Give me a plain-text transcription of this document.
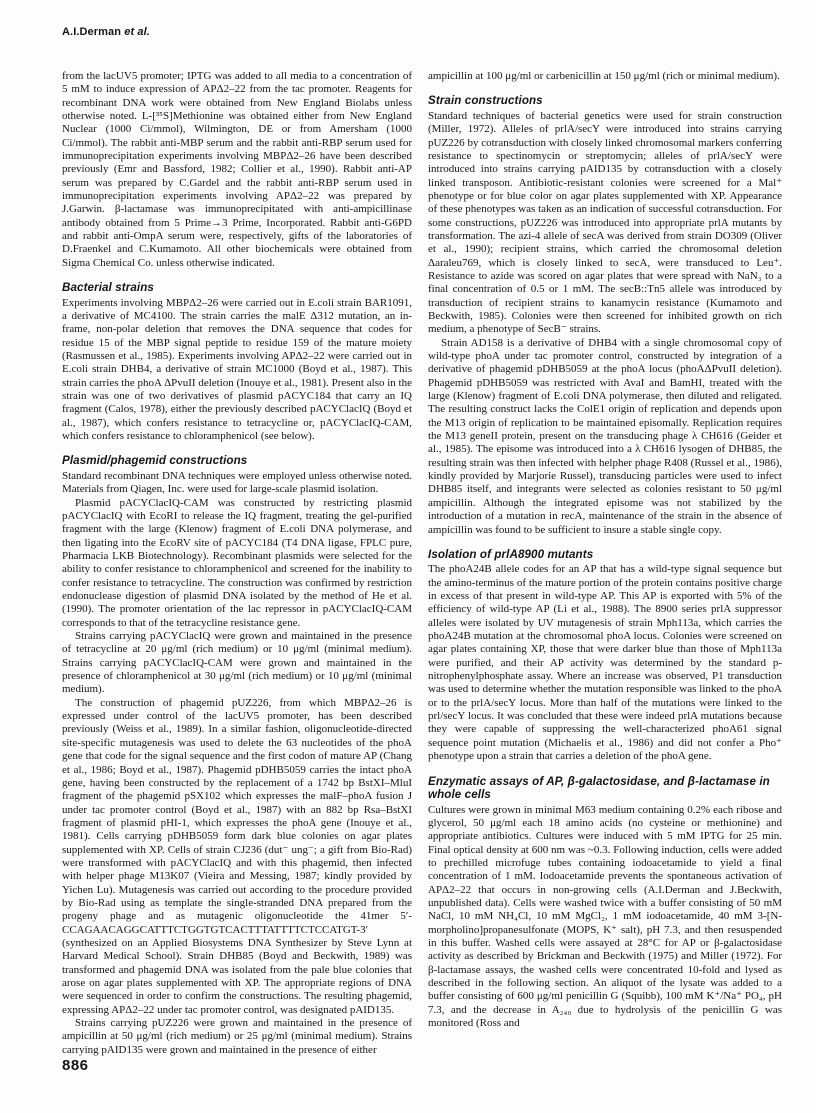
A.I.Derman et al.

from the lacUV5 promoter; IPTG was added to all media to a concentration of 5 mM to induce expression of APΔ2–22 from the tac promoter. Reagents for recombinant DNA work were obtained from New England Biolabs unless otherwise noted. L-[³⁵S]Methionine was obtained either from New England Nuclear (1000 Ci/mmol), Wilmington, DE or from Amersham (1000 Ci/mmol). The rabbit anti-MBP serum and the rabbit anti-RBP serum used for immunoprecipitation experiments involving MBPΔ2–26 have been described previously (Emr and Bassford, 1982; Collier et al., 1990). Rabbit anti-AP serum was prepared by C.Gardel and the rabbit anti-RBP serum used in immunoprecipitation experiments involving APΔ2–22 was prepared by J.Garwin. β-lactamase was immunoprecipitated with anti-ampicillinase antibody obtained from 5 Prime→3 Prime, Incorporated. Rabbit anti-G6PD and rabbit anti-OmpA serum were, respectively, gifts of the laboratories of D.Fraenkel and C.Kumamoto. All other biochemicals were obtained from Sigma Chemical Co. unless otherwise indicated.

Bacterial strains

Experiments involving MBPΔ2–26 were carried out in E.coli strain BAR1091, a derivative of MC4100. The strain carries the malE Δ312 mutation, an in-frame, non-polar deletion that removes the DNA sequence that codes for residue 15 of the MBP signal peptide to residue 159 of the mature moiety (Rasmussen et al., 1985). Experiments involving APΔ2–22 were carried out in E.coli strain DHB4, a derivative of strain MC1000 (Boyd et al., 1987). This strain carries the phoA ΔPvuII deletion (Inouye et al., 1981). Present also in the strain was one of two derivatives of plasmid pACYC184 that carry an IQ fragment (Calos, 1978), either the previously described pACYClacIQ (Boyd et al., 1987), which confers resistance to tetracycline or, pACYClacIQ-CAM, which confers resistance to chloramphenicol (see below).

Plasmid/phagemid constructions

Standard recombinant DNA techniques were employed unless otherwise noted. Materials from Qiagen, Inc. were used for large-scale plasmid isolation.

Plasmid pACYClacIQ-CAM was constructed by restricting plasmid pACYClacIQ with EcoRI to release the IQ fragment, treating the gel-purified fragment with the large (Klenow) fragment of E.coli DNA polymerase, and then ligating into the EcoRV site of pACYC184 (T4 DNA ligase, FPLC pure, Pharmacia LKB Biotechnology). Recombinant plasmids were selected for the ability to confer resistance to chloramphenicol and screened for the inability to confer resistance to tetracycline. The construction was confirmed by restriction endonuclease digestion of plasmid DNA isolated by the method of He et al. (1990). The promoter orientation of the lac repressor in pACYClacIQ-CAM corresponds to that of the tetracycline resistance gene.

Strains carrying pACYClacIQ were grown and maintained in the presence of tetracycline at 20 μg/ml (rich medium) or 10 μg/ml (minimal medium). Strains carrying pACYClacIQ-CAM were grown and maintained in the presence of chloramphenicol at 30 μg/ml (rich medium) or 10 μg/ml (minimal medium).

The construction of phagemid pUZ226, from which MBPΔ2–26 is expressed under control of the lacUV5 promoter, has been described previously (Weiss et al., 1989). In a similar fashion, oligonucleotide-directed site-specific mutagenesis was used to delete the 63 nucleotides of the phoA gene that code for the signal sequence and the first codon of mature AP (Chang et al., 1986; Boyd et al., 1987). Phagemid pDHB5059 carries the intact phoA gene, having been constructed by the replacement of a 1742 bp BstXI–MluI fragment of the phagemid pSX102 which expresses the malF–phoA fusion J under tac promoter control (Boyd et al., 1987) with an 882 bp Rsa–BstXI fragment of plasmid pHI-1, which expresses the phoA gene (Inouye et al., 1981). Cells carrying pDHB5059 form dark blue colonies on agar plates supplemented with XP. Cells of strain CJ236 (dut⁻ ung⁻; a gift from Bio-Rad) were transformed with pACYClacIQ and with this phagemid, then infected with helper phage M13K07 (Vieira and Messing, 1987; kindly provided by Yichen Lu). Mutagenesis was carried out according to the procedure provided by Bio-Rad using as template the single-stranded DNA prepared from the progeny phage and as mutagenic oligonucleotide the 41mer 5′-CCAGAACAGGCATTTCTGGTGTCACTTTATTTTCTCCATGT-3′ (synthesized on an Applied Biosystems DNA Synthesizer by Steve Lynn at Harvard Medical School). Strain DHB85 (Boyd and Beckwith, 1989) was transformed and phagemid DNA was isolated from the pale blue colonies that arose on agar plates supplemented with XP. The appropriate regions of DNA were sequenced in order to confirm the constructions. The resulting phagemid, expressing APΔ2–22 under tac promoter control, was designated pAID135.

Strains carrying pUZ226 were grown and maintained in the presence of ampicillin at 50 μg/ml (rich medium) or 25 μg/ml (minimal medium). Strains carrying pAID135 were grown and maintained in the presence of either

ampicillin at 100 μg/ml or carbenicillin at 150 μg/ml (rich or minimal medium).

Strain constructions

Standard techniques of bacterial genetics were used for strain construction (Miller, 1972). Alleles of prlA/secY were introduced into strains carrying pUZ226 by cotransduction with closely linked chromosomal markers conferring resistance to spectinomycin or streptomycin; alleles of prlA/secY were introduced into strains carrying pAID135 by cotransduction with a closely linked transposon. Antibiotic-resistant colonies were screened for a Mal⁺ phenotype or for blue color on agar plates supplemented with XP. Appearance of these phenotypes was taken as an indication of successful cotransduction. For some constructions, pUZ226 was introduced into appropriate prlA mutants by transformation. The azi-4 allele of secA was derived from strain DO309 (Oliver et al., 1990); recipient strains, which carried the chromosomal deletion Δaraleu769, which is closely linked to secA, were transduced to Leu⁺. Resistance to azide was scored on agar plates that were spread with NaN₃ to a final concentration of 0.5 or 1 mM. The secB::Tn5 allele was introduced by transduction of recipient strains to kanamycin resistance (Kumamoto and Beckwith, 1985). Colonies were then screened for inhibited growth on rich medium, a phenotype of SecB⁻ strains.

Strain AD158 is a derivative of DHB4 with a single chromosomal copy of wild-type phoA under tac promoter control, constructed by integration of a derivative of phagemid pDHB5059 at the phoA locus (phoAΔPvuII deletion). Phagemid pDHB5059 was restricted with AvaI and BamHI, treated with the large (Klenow) fragment of E.coli DNA polymerase, then diluted and religated. The resulting construct lacks the ColE1 origin of replication and depends upon the M13 origin of replication to be maintained episomally. Replication requires the M13 geneII protein, present on the transducing phage λ CH616 (Geider et al., 1985). The episome was introduced into a λ CH616 lysogen of DHB85, the resulting strain was then infected with helpher phage R408 (Russel et al., 1986), kindly provided by Marjorie Russel), transducing particles were used to infect DHB85 itself, and integrants were selected as colonies resistant to 50 μg/ml ampicillin. Although the integrated episome was not stabilized by the introduction of a mutation in recA, maintenance of the strain in the absence of ampicillin was found to be sufficient to insure a stable single copy.

Isolation of prlA8900 mutants

The phoA24B allele codes for an AP that has a wild-type signal sequence but the amino-terminus of the mature portion of the protein contains positive charge in excess of that present in wild-type AP. This AP is exported with 5% of the efficiency of wild-type AP (Li et al., 1988). The 8900 series prlA suppressor alleles were isolated by UV mutagenesis of strain Mph113a, which carries the phoA24B mutation at the chromosomal phoA locus. Colonies were screened on agar plates containing XP, those that were darker blue than those of Mph113a were purified, and their AP activity was determined by the standard p-nitrophenylphosphate assay. Where an increase was observed, P1 transduction was used to determine whether the mutation responsible was linked to the phoA or to the prlA/secY locus. More than half of the mutations were linked to the prl/secY locus. It was concluded that these were indeed prlA mutations because they were capable of suppressing the well-characterized phoA61 signal sequence point mutation (Michaelis et al., 1986) and did not confer a Pho⁺ phenotype upon a strain that carries a deletion of the phoA gene.

Enzymatic assays of AP, β-galactosidase, and β-lactamase in whole cells

Cultures were grown in minimal M63 medium containing 0.2% each ribose and glycerol, 50 μg/ml each 18 amino acids (no cysteine or methionine) and appropriate antibiotics. Cultures were induced with 5 mM IPTG for 25 min. Final optical density at 600 nm was ~0.3. Following induction, cells were added to prechilled microfuge tubes containing iodoacetamide to yield a final concentration of 1 mM. Iodoacetamide prevents the spontaneous activation of APΔ2–22 that occurs in non-growing cells (A.I.Derman and J.Beckwith, unpublished data). Cells were washed twice with a buffer consisting of 50 mM NaCl, 10 mM NH₄Cl, 10 mM MgCl₂, 1 mM iodoacetamide, 40 mM 3-[N-morpholino]propanesulfonate (MOPS, K⁺ salt), pH 7.3, and then resuspended in this buffer. Washed cells were assayed at 28°C for AP or β-galactosidase activity as described by Brickman and Beckwith (1975) and Miller (1972). For β-lactamase assays, the washed cells were concentrated 10-fold and lysed as described in the following section. An aliquot of the lysate was added to a buffer consisting of 600 μg/ml penicillin G (Squibb), 100 mM K⁺/Na⁺ PO₄, pH 7.3, and the decrease in A₂₄₀ due to hydrolysis of the penicillin G was monitored (Ross and

886
